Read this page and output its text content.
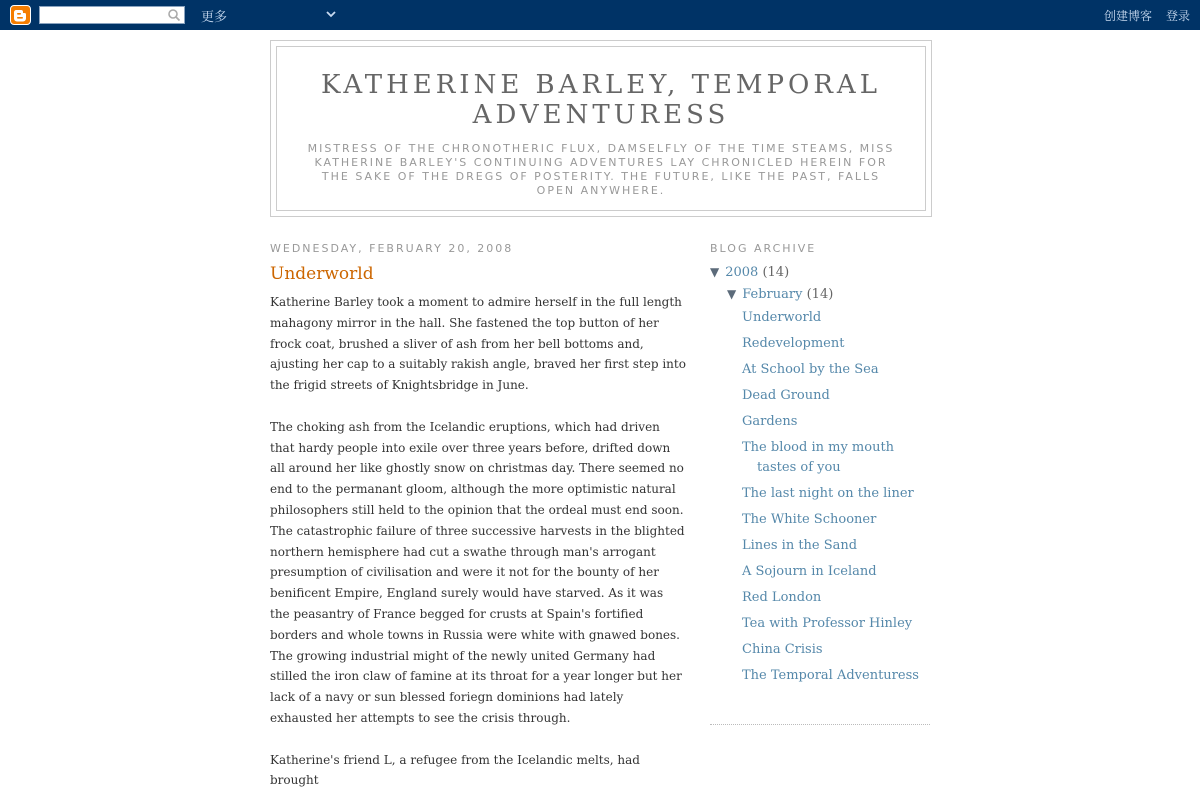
更多	创建博客 登录
KATHERINE BARLEY, TEMPORAL ADVENTURESS
MISTRESS OF THE CHRONOTHERIC FLUX, DAMSELFLY OF THE TIME STEAMS, MISS KATHERINE BARLEY'S CONTINUING ADVENTURES LAY CHRONICLED HEREIN FOR THE SAKE OF THE DREGS OF POSTERITY. THE FUTURE, LIKE THE PAST, FALLS OPEN ANYWHERE.
WEDNESDAY, FEBRUARY 20, 2008
Underworld

Katherine Barley took a moment to admire herself in the full length mahagony mirror in the hall. She fastened the top button of her frock coat, brushed a sliver of ash from her bell bottoms and, ajusting her cap to a suitably rakish angle, braved her first step into the frigid streets of Knightsbridge in June.

The choking ash from the Icelandic eruptions, which had driven that hardy people into exile over three years before, drifted down all around her like ghostly snow on christmas day. There seemed no end to the permanant gloom, although the more optimistic natural philosophers still held to the opinion that the ordeal must end soon. The catastrophic failure of three successive harvests in the blighted northern hemisphere had cut a swathe through man's arrogant presumption of civilisation and were it not for the bounty of her benificent Empire, England surely would have starved. As it was the peasantry of France begged for crusts at Spain's fortified borders and whole towns in Russia were white with gnawed bones. The growing industrial might of the newly united Germany had stilled the iron claw of famine at its throat for a year longer but her lack of a navy or sun blessed foriegn dominions had lately exhausted her attempts to see the crisis through.

Katherine's friend L, a refugee from the Icelandic melts, had brought

BLOG ARCHIVE
▼ 2008 (14)
▼ February (14)
Underworld
Redevelopment
At School by the Sea
Dead Ground
Gardens
The blood in my mouth tastes of you
The last night on the liner
The White Schooner
Lines in the Sand
A Sojourn in Iceland
Red London
Tea with Professor Hinley
China Crisis
The Temporal Adventuress
